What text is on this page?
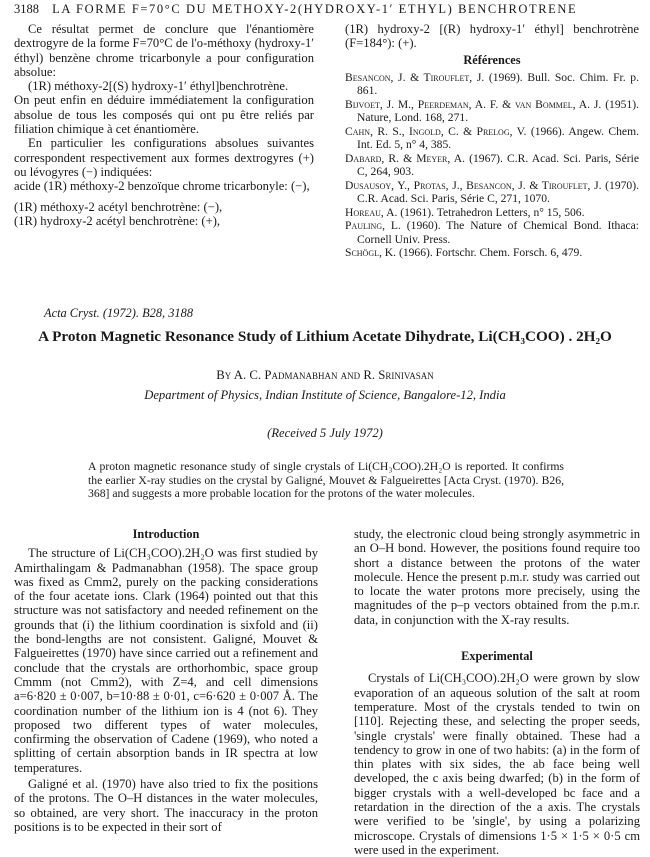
3188 LA FORME F=70°C DU METHOXY-2(HYDROXY-1′ ETHYL) BENCHROTRENE

Ce résultat permet de conclure que l'énantiomère dextrogyre de la forme F=70°C de l'o-méthoxy (hydroxy-1′ éthyl) benzène chrome tricarbonyle a pour configuration absolue:

(1R) méthoxy-2[(S) hydroxy-1′ éthyl]benchrotrène.

On peut enfin en déduire immédiatement la configuration absolue de tous les composés qui ont pu être reliés par filiation chimique à cet énantiomère.

En particulier les configurations absolues suivantes correspondent respectivement aux formes dextrogyres (+) ou lévogyres (−) indiquées:

acide (1R) méthoxy-2 benzoïque chrome tricarbonyle: (−),

(1R) méthoxy-2 acétyl benchrotrène: (−),

(1R) hydroxy-2 acétyl benchrotrène: (+),

(1R) hydroxy-2 [(R) hydroxy-1′ éthyl] benchrotrène (F=184°): (+).

Références

Besancon, J. & Tirouflet, J. (1969). Bull. Soc. Chim. Fr. p. 861.

Bijvoet, J. M., Peerdeman, A. F. & van Bommel, A. J. (1951). Nature, Lond. 168, 271.

Cahn, R. S., Ingold, C. & Prelog, V. (1966). Angew. Chem. Int. Ed. 5, n° 4, 385.

Dabard, R. & Meyer, A. (1967). C.R. Acad. Sci. Paris, Série C, 264, 903.

Dusausoy, Y., Protas, J., Besancon, J. & Tirouflet, J. (1970). C.R. Acad. Sci. Paris, Série C, 271, 1070.

Horeau, A. (1961). Tetrahedron Letters, n° 15, 506.

Pauling, L. (1960). The Nature of Chemical Bond. Ithaca: Cornell Univ. Press.

Schögl, K. (1966). Fortschr. Chem. Forsch. 6, 479.

Acta Cryst. (1972). B28, 3188
A Proton Magnetic Resonance Study of Lithium Acetate Dihydrate, Li(CH₃COO) . 2H₂O
By A. C. Padmanabhan and R. Srinivasan
Department of Physics, Indian Institute of Science, Bangalore-12, India
(Received 5 July 1972)
A proton magnetic resonance study of single crystals of Li(CH₃COO).2H₂O is reported. It confirms the earlier X-ray studies on the crystal by Galigné, Mouvet & Falgueirettes [Acta Cryst. (1970). B26, 368] and suggests a more probable location for the protons of the water molecules.
Introduction

The structure of Li(CH₃COO).2H₂O was first studied by Amirthalingam & Padmanabhan (1958). The space group was fixed as Cmm2, purely on the packing considerations of the four acetate ions. Clark (1964) pointed out that this structure was not satisfactory and needed refinement on the grounds that (i) the lithium coordination is sixfold and (ii) the bond-lengths are not consistent. Galigné, Mouvet & Falgueirettes (1970) have since carried out a refinement and conclude that the crystals are orthorhombic, space group Cmmm (not Cmm2), with Z=4, and cell dimensions a=6·820 ± 0·007, b=10·88 ± 0·01, c=6·620 ± 0·007 Å. The coordination number of the lithium ion is 4 (not 6). They proposed two different types of water molecules, confirming the observation of Cadene (1969), who noted a splitting of certain absorption bands in IR spectra at low temperatures.

Galigné et al. (1970) have also tried to fix the positions of the protons. The O–H distances in the water molecules, so obtained, are very short. The inaccuracy in the proton positions is to be expected in their sort of

study, the electronic cloud being strongly asymmetric in an O–H bond. However, the positions found require too short a distance between the protons of the water molecule. Hence the present p.m.r. study was carried out to locate the water protons more precisely, using the magnitudes of the p–p vectors obtained from the p.m.r. data, in conjunction with the X-ray results.

Experimental

Crystals of Li(CH₃COO).2H₂O were grown by slow evaporation of an aqueous solution of the salt at room temperature. Most of the crystals tended to twin on [110]. Rejecting these, and selecting the proper seeds, 'single crystals' were finally obtained. These had a tendency to grow in one of two habits: (a) in the form of thin plates with six sides, the ab face being well developed, the c axis being dwarfed; (b) in the form of bigger crystals with a well-developed bc face and a retardation in the direction of the a axis. The crystals were verified to be 'single', by using a polarizing microscope. Crystals of dimensions 1·5 × 1·5 × 0·5 cm were used in the experiment.
